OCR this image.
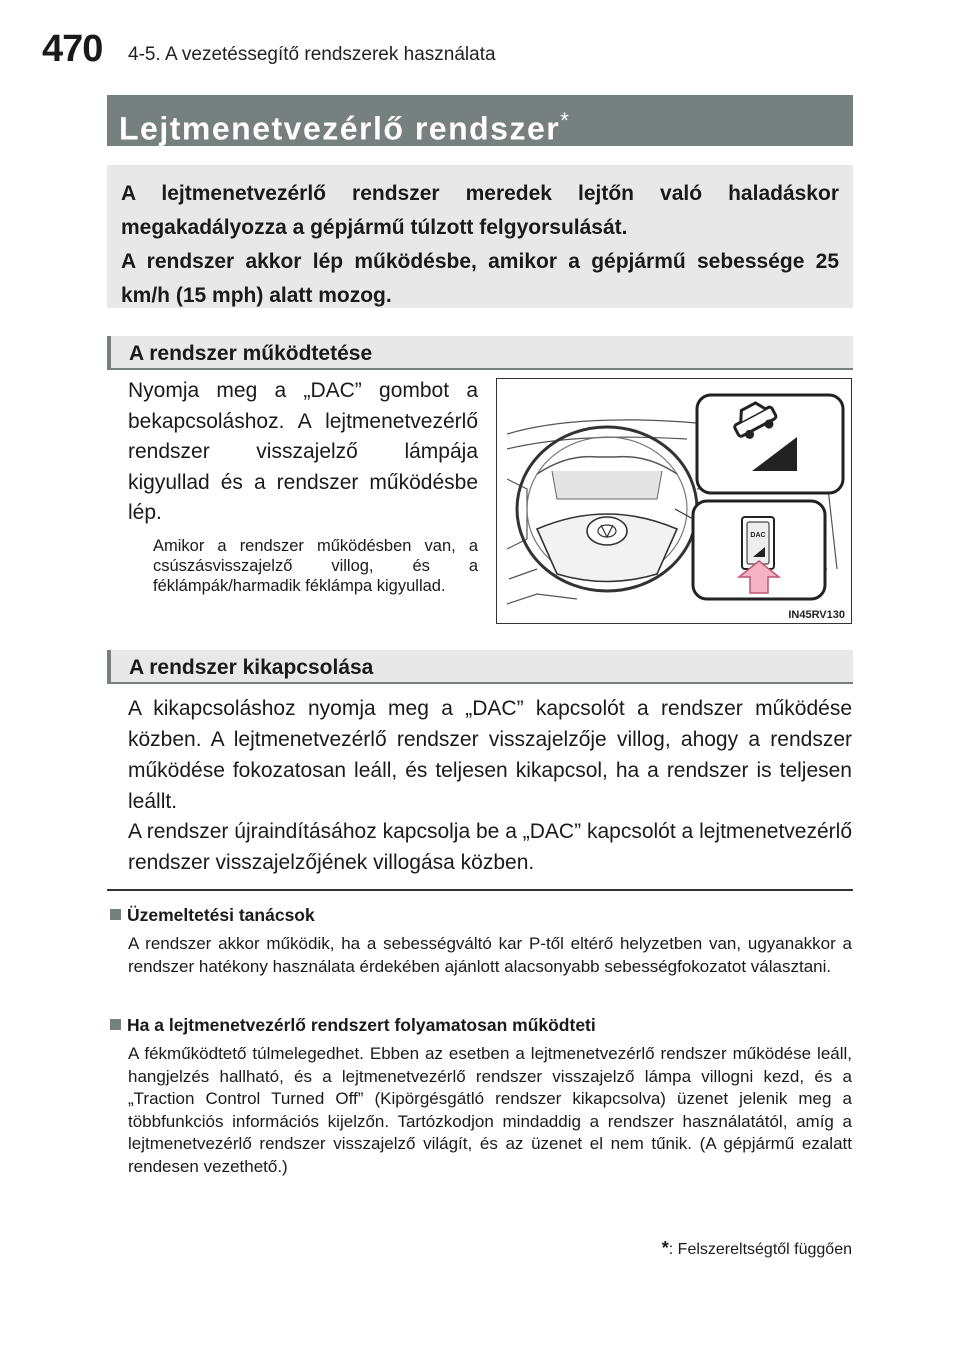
470 4-5. A vezetéssegítő rendszerek használata
Lejtmenetvezérlő rendszer*
A lejtmenetvezérlő rendszer meredek lejtőn való haladáskor megakadályozza a gépjármű túlzott felgyorsulását.
A rendszer akkor lép működésbe, amikor a gépjármű sebessége 25 km/h (15 mph) alatt mozog.
A rendszer működtetése
Nyomja meg a „DAC” gombot a bekapcsoláshoz. A lejtmenetvezérlő rendszer visszajelző lámpája kigyullad és a rendszer működésbe lép.
Amikor a rendszer működésben van, a csúszásvisszajelző villog, és a féklámpák/harmadik féklámpa kigyullad.
DAC
IN45RV130
A rendszer kikapcsolása
A kikapcsoláshoz nyomja meg a „DAC” kapcsolót a rendszer működése közben. A lejtmenetvezérlő rendszer visszajelzője villog, ahogy a rendszer működése fokozatosan leáll, és teljesen kikapcsol, ha a rendszer is teljesen leállt.
A rendszer újraindításához kapcsolja be a „DAC” kapcsolót a lejtmenetvezérlő rendszer visszajelzőjének villogása közben.
Üzemeltetési tanácsok
A rendszer akkor működik, ha a sebességváltó kar P-től eltérő helyzetben van, ugyanakkor a rendszer hatékony használata érdekében ajánlott alacsonyabb sebességfokozatot választani.
Ha a lejtmenetvezérlő rendszert folyamatosan működteti
A fékműködtető túlmelegedhet. Ebben az esetben a lejtmenetvezérlő rendszer működése leáll, hangjelzés hallható, és a lejtmenetvezérlő rendszer visszajelző lámpa villogni kezd, és a „Traction Control Turned Off” (Kipörgésgátló rendszer kikapcsolva) üzenet jelenik meg a többfunkciós információs kijelzőn. Tartózkodjon mindaddig a rendszer használatától, amíg a lejtmenetvezérlő rendszer visszajelző világít, és az üzenet el nem tűnik. (A gépjármű ezalatt rendesen vezethető.)
*: Felszereltségtől függően
